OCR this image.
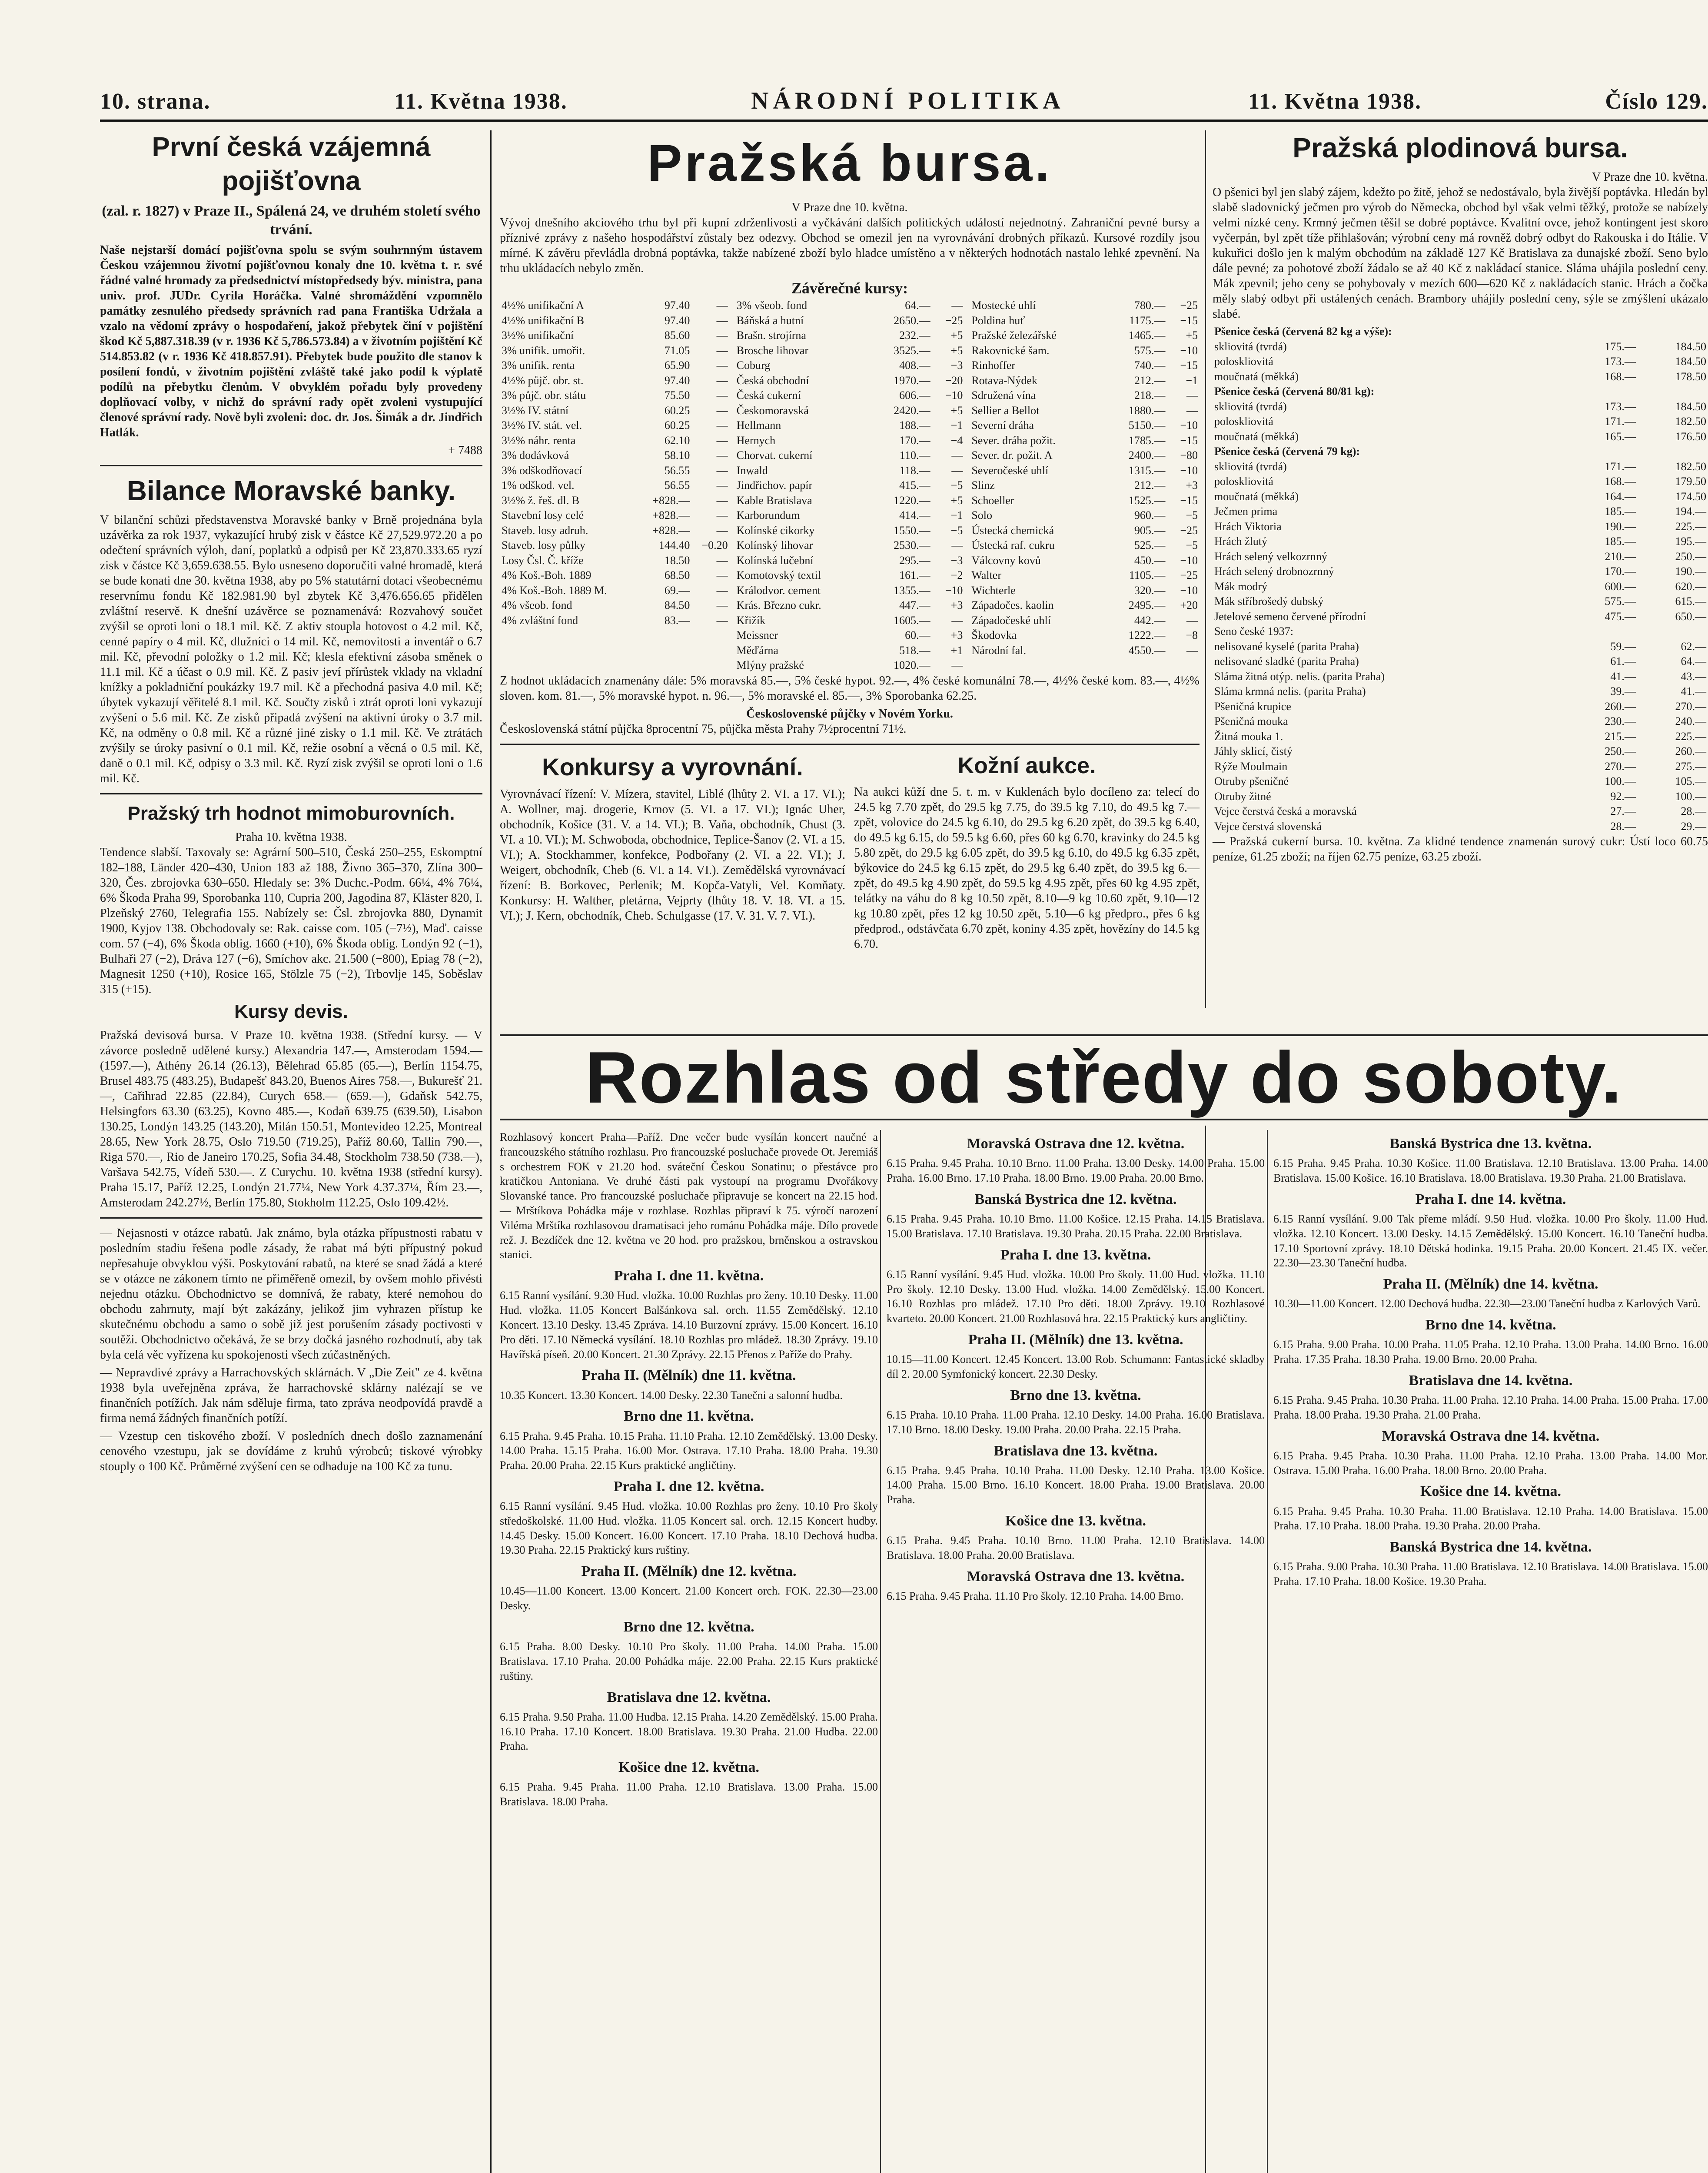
10. strana.	11. Května 1938.	NÁRODNÍ POLITIKA	11. Května 1938.	Číslo 129.
První česká vzájemná pojišťovna
(zal. r. 1827) v Praze II., Spálená 24, ve druhém století svého trvání.

Naše nejstarší domácí pojišťovna spolu se svým souhrnným ústavem Českou vzájemnou životní pojišťovnou konaly dne 10. května t. r. své řádné valné hromady za předsednictví místopředsedy býv. ministra, pana univ. prof. JUDr. Cyrila Horáčka. Valné shromáždění vzpomnělo památky zesnulého předsedy správních rad pana Františka Udržala a vzalo na vědomí zprávy o hospodaření, jakož přebytek činí v pojištění škod Kč 5,887.318.39 (v r. 1936 Kč 5,786.573.84) a v životním pojištění Kč 514.853.82 (v r. 1936 Kč 418.857.91). Přebytek bude použito dle stanov k posílení fondů, v životním pojištění zvláště také jako podíl k výplatě podílů na přebytku členům. V obvyklém pořadu byly provedeny doplňovací volby, v nichž do správní rady opět zvoleni vystupující členové správní rady. Nově byli zvoleni: doc. dr. Jos. Šimák a dr. Jindřich Hatlák.

+ 7488

Bilance Moravské banky.

V bilanční schůzi představenstva Moravské banky v Brně projednána byla uzávěrka za rok 1937, vykazující hrubý zisk v částce Kč 27,529.972.20 a po odečtení správních výloh, daní, poplatků a odpisů per Kč 23,870.333.65 ryzí zisk v částce Kč 3,659.638.55. Bylo usneseno doporučiti valné hromadě, která se bude konati dne 30. května 1938, aby po 5% statutární dotaci všeobecnému reservnímu fondu Kč 182.981.90 byl zbytek Kč 3,476.656.65 přidělen zvláštní reservě. K dnešní uzávěrce se poznamenává: Rozvahový součet zvýšil se oproti loni o 18.1 mil. Kč. Z aktiv stoupla hotovost o 4.2 mil. Kč, cenné papíry o 4 mil. Kč, dlužníci o 14 mil. Kč, nemovitosti a inventář o 6.7 mil. Kč, převodní položky o 1.2 mil. Kč; klesla efektivní zásoba směnek o 11.1 mil. Kč a účast o 0.9 mil. Kč. Z pasiv jeví přírůstek vklady na vkladní knížky a pokladniční poukázky 19.7 mil. Kč a přechodná pasiva 4.0 mil. Kč; úbytek vykazují věřitelé 8.1 mil. Kč. Součty zisků i ztrát oproti loni vykazují zvýšení o 5.6 mil. Kč. Ze zisků připadá zvýšení na aktivní úroky o 3.7 mil. Kč, na odměny o 0.8 mil. Kč a různé jiné zisky o 1.1 mil. Kč. Ve ztrátách zvýšily se úroky pasivní o 0.1 mil. Kč, režie osobní a věcná o 0.5 mil. Kč, daně o 0.1 mil. Kč, odpisy o 3.3 mil. Kč. Ryzí zisk zvýšil se oproti loni o 1.6 mil. Kč.

Pražský trh hodnot mimoburovních.
Praha 10. května 1938.

Tendence slabší. Taxovaly se: Agrární 500–510, Česká 250–255, Eskomptní 182–188, Länder 420–430, Union 183 až 188, Živno 365–370, Zlína 300–320, Čes. zbrojovka 630–650. Hledaly se: 3% Duchc.-Podm. 66¼, 4% 76¼, 6% Škoda Praha 99, Sporobanka 110, Cupria 200, Jagodina 87, Kläster 820, I. Plzeňský 2760, Telegrafia 155. Nabízely se: Čsl. zbrojovka 880, Dynamit 1900, Kyjov 138. Obchodovaly se: Rak. caisse com. 105 (−7½), Maď. caisse com. 57 (−4), 6% Škoda oblig. 1660 (+10), 6% Škoda oblig. Londýn 92 (−1), Bulhaři 27 (−2), Dráva 127 (−6), Smíchov akc. 21.500 (−800), Epiag 78 (−2), Magnesit 1250 (+10), Rosice 165, Stölzle 75 (−2), Trbovlje 145, Soběslav 315 (+15).

Kursy devis.

Pražská devisová bursa. V Praze 10. května 1938. (Střední kursy. — V závorce posledně udělené kursy.) Alexandria 147.—, Amsterodam 1594.— (1597.—), Athény 26.14 (26.13), Bělehrad 65.85 (65.—), Berlín 1154.75, Brusel 483.75 (483.25), Budapešť 843.20, Buenos Aires 758.—, Bukurešť 21.—, Cařihrad 22.85 (22.84), Curych 658.— (659.—), Gdaňsk 542.75, Helsingfors 63.30 (63.25), Kovno 485.—, Kodaň 639.75 (639.50), Lisabon 130.25, Londýn 143.25 (143.20), Milán 150.51, Montevideo 12.25, Montreal 28.65, New York 28.75, Oslo 719.50 (719.25), Paříž 80.60, Tallin 790.—, Riga 570.—, Rio de Janeiro 170.25, Sofia 34.48, Stockholm 738.50 (738.—), Varšava 542.75, Vídeň 530.—. Z Curychu. 10. května 1938 (střední kursy). Praha 15.17, Paříž 12.25, Londýn 21.77¼, New York 4.37.37¼, Řím 23.—, Amsterodam 242.27½, Berlín 175.80, Stokholm 112.25, Oslo 109.42½.

— Nejasnosti v otázce rabatů. Jak známo, byla otázka přípustnosti rabatu v posledním stadiu řešena podle zásady, že rabat má býti přípustný pokud nepřesahuje obvyklou výši. Poskytování rabatů, na které se snad žádá a které se v otázce ne zákonem tímto ne přiměřeně omezil, by ovšem mohlo přivésti nejednu otázku. Obchodnictvo se domnívá, že rabaty, které nemohou do obchodu zahrnuty, mají být zakázány, jelikož jim vyhrazen přístup ke skutečnému obchodu a samo o sobě již jest porušením zásady poctivosti v soutěži. Obchodnictvo očekává, že se brzy dočká jasného rozhodnutí, aby tak byla celá věc vyřízena ku spokojenosti všech zúčastněných.

— Nepravdivé zprávy a Harrachovských sklárnách. V „Die Zeit" ze 4. května 1938 byla uveřejněna zpráva, že harrachovské sklárny nalézají se ve finančních potížích. Jak nám sděluje firma, tato zpráva neodpovídá pravdě a firma nemá žádných finančních potíží.

— Vzestup cen tiskového zboží. V posledních dnech došlo zaznamenání cenového vzestupu, jak se dovídáme z kruhů výrobců; tiskové výrobky stouply o 100 Kč. Průměrné zvýšení cen se odhaduje na 100 Kč za tunu.

Pražská bursa.
V Praze dne 10. května.

Vývoj dnešního akciového trhu byl při kupní zdrženlivosti a vyčkávání dalších politických událostí nejednotný. Zahraniční pevné bursy a příznivé zprávy z našeho hospodářství zůstaly bez odezvy. Obchod se omezil jen na vyrovnávání drobných příkazů. Kursové rozdíly jsou mírné. K závěru převládla drobná poptávka, takže nabízené zboží bylo hladce umístěno a v některých hodnotách nastalo lehké zpevnění. Na trhu ukládacích nebylo změn.

Závěrečné kursy:
4½% unifikační A	97.40	—
4½% unifikační B	97.40	—
3½% unifikační	85.60	—
3% unifik. umořit.	71.05	—
3% unifik. renta	65.90	—
4½% půjč. obr. st.	97.40	—
3% půjč. obr. státu	75.50	—
3½% IV. státní	60.25	—
3½% IV. stát. vel.	60.25	—
3½% náhr. renta	62.10	—
3% dodávková	58.10	—
3% odškodňovací	56.55	—
1% odškod. vel.	56.55	—
3½% ž. řeš. dl. B	+828.—	—
Stavební losy celé	+828.—	—
Staveb. losy adruh.	+828.—	—
Staveb. losy půlky	144.40	−0.20
Losy Čsl. Č. kříže	18.50	—
4% Koš.-Boh. 1889	68.50	—
4% Koš.-Boh. 1889 M.	69.—	—
4% všeob. fond	84.50	—
4% zvláštní fond	83.—	—
3% všeob. fond	64.—	—
Báňská a hutní	2650.—	−25
Brašn. strojírna	232.—	+5
Brosche lihovar	3525.—	+5
Coburg	408.—	−3
Česká obchodní	1970.—	−20
Česká cukerní	606.—	−10
Českomoravská	2420.—	+5
Hellmann	188.—	−1
Hernych	170.—	−4
Chorvat. cukerní	110.—	—
Inwald	118.—	—
Jindřichov. papír	415.—	−5
Kable Bratislava	1220.—	+5
Karborundum	414.—	−1
Kolínské cikorky	1550.—	−5
Kolínský lihovar	2530.—	—
Kolínská lučební	295.—	−3
Komotovský textil	161.—	−2
Králodvor. cement	1355.—	−10
Krás. Březno cukr.	447.—	+3
Křižík	1605.—	—
Meissner	60.—	+3
Měďárna	518.—	+1
Mlýny pražské	1020.—	—
Mostecké uhlí	780.—	−25
Poldina huť	1175.—	−15
Pražské železářské	1465.—	+5
Rakovnické šam.	575.—	−10
Rinhoffer	740.—	−15
Rotava-Nýdek	212.—	−1
Sdružená vína	218.—	—
Sellier a Bellot	1880.—	—
Severní dráha	5150.—	−10
Sever. dráha požit.	1785.—	−15
Sever. dr. požit. A	2400.—	−80
Severočeské uhlí	1315.—	−10
Slinz	212.—	+3
Schoeller	1525.—	−15
Solo	960.—	−5
Ústecká chemická	905.—	−25
Ústecká raf. cukru	525.—	−5
Válcovny kovů	450.—	−10
Walter	1105.—	−25
Wichterle	320.—	−10
Západočes. kaolin	2495.—	+20
Západočeské uhlí	442.—	—
Škodovka	1222.—	−8
Národní fal.	4550.—	—

Z hodnot ukládacích znamenány dále: 5% moravská 85.—, 5% české hypot. 92.—, 4% české komunální 78.—, 4½% české kom. 83.—, 4½% sloven. kom. 81.—, 5% moravské hypot. n. 96.—, 5% moravské el. 85.—, 3% Sporobanka 62.25.

Československé půjčky v Novém Yorku.

Československá státní půjčka 8procentní 75, půjčka města Prahy 7½procentní 71½.

Konkursy a vyrovnání.

Vyrovnávací řízení: V. Mízera, stavitel, Liblé (lhůty 2. VI. a 17. VI.); A. Wollner, maj. drogerie, Krnov (5. VI. a 17. VI.); Ignác Uher, obchodník, Košice (31. V. a 14. VI.); B. Vaňa, obchodník, Chust (3. VI. a 10. VI.); M. Schwoboda, obchodnice, Teplice-Šanov (2. VI. a 15. VI.); A. Stockhammer, konfekce, Podbořany (2. VI. a 22. VI.); J. Weigert, obchodník, Cheb (6. VI. a 14. VI.). Zemědělská vyrovnávací řízení: B. Borkovec, Perlenik; M. Kopča-Vatyli, Vel. Komňaty. Konkursy: H. Walther, pletárna, Vejprty (lhůty 18. V. 18. VI. a 15. VI.); J. Kern, obchodník, Cheb. Schulgasse (17. V. 31. V. 7. VI.).

Kožní aukce.

Na aukci kůží dne 5. t. m. v Kuklenách bylo docíleno za: telecí do 24.5 kg 7.70 zpět, do 29.5 kg 7.75, do 39.5 kg 7.10, do 49.5 kg 7.— zpět, volovice do 24.5 kg 6.10, do 29.5 kg 6.20 zpět, do 39.5 kg 6.40, do 49.5 kg 6.15, do 59.5 kg 6.60, přes 60 kg 6.70, kravinky do 24.5 kg 5.80 zpět, do 29.5 kg 6.05 zpět, do 39.5 kg 6.10, do 49.5 kg 6.35 zpět, býkovice do 24.5 kg 6.15 zpět, do 29.5 kg 6.40 zpět, do 39.5 kg 6.— zpět, do 49.5 kg 4.90 zpět, do 59.5 kg 4.95 zpět, přes 60 kg 4.95 zpět, telátky na váhu do 8 kg 10.50 zpět, 8.10—9 kg 10.60 zpět, 9.10—12 kg 10.80 zpět, přes 12 kg 10.50 zpět, 5.10—6 kg předpro., přes 6 kg předprod., odstávčata 6.70 zpět, koniny 4.35 zpět, hovězíny do 14.5 kg 6.70.

Pražská plodinová bursa.
V Praze dne 10. května.

O pšenici byl jen slabý zájem, kdežto po žitě, jehož se nedostávalo, byla živější poptávka. Hledán byl slabě sladovnický ječmen pro výrob do Německa, obchod byl však velmi těžký, protože se nabízely velmi nízké ceny. Krmný ječmen těšil se dobré poptávce. Kvalitní ovce, jehož kontingent jest skoro vyčerpán, byl zpět tíže přihlašován; výrobní ceny má rovněž dobrý odbyt do Rakouska i do Itálie. V kukuřici došlo jen k malým obchodům na základě 127 Kč Bratislava za dunajské zboží. Seno bylo dále pevné; za pohotové zboží žádalo se až 40 Kč z nakládací stanice. Sláma uhájila poslední ceny. Mák zpevnil; jeho ceny se pohybovaly v mezích 600—620 Kč z nakládacích stanic. Hrách a čočka měly slabý odbyt při ustálených cenách. Brambory uhájily poslední ceny, sýle se zmýšlení ukázalo slabé.

Pšenice česká (červená 82 kg a výše):		
skliovitá (tvrdá)	175.—	184.50
poloskliovitá	173.—	184.50
moučnatá (měkká)	168.—	178.50
Pšenice česká (červená 80/81 kg):		
skliovitá (tvrdá)	173.—	184.50
poloskliovitá	171.—	182.50
moučnatá (měkká)	165.—	176.50
Pšenice česká (červená 79 kg):		
skliovitá (tvrdá)	171.—	182.50
poloskliovitá	168.—	179.50
moučnatá (měkká)	164.—	174.50
Ječmen prima	185.—	194.—
Hrách Viktoria	190.—	225.—
Hrách žlutý	185.—	195.—
Hrách selený velkozrnný	210.—	250.—
Hrách selený drobnozrnný	170.—	190.—
Mák modrý	600.—	620.—
Mák stříbrošedý dubský	575.—	615.—
Jetelové semeno červené přírodní	475.—	650.—
Seno české 1937:		
nelisované kyselé (parita Praha)	59.—	62.—
nelisované sladké (parita Praha)	61.—	64.—
Sláma žitná otýp. nelis. (parita Praha)	41.—	43.—
Sláma krmná nelis. (parita Praha)	39.—	41.—
Pšeničná krupice	260.—	270.—
Pšeničná mouka	230.—	240.—
Žitná mouka 1.	215.—	225.—
Jáhly sklicí, čistý	250.—	260.—
Rýže Moulmain	270.—	275.—
Otruby pšeničné	100.—	105.—
Otruby žitné	92.—	100.—
Vejce čerstvá česká a moravská	27.—	28.—
Vejce čerstvá slovenská	28.—	29.—

— Pražská cukerní bursa. 10. května. Za klidné tendence znamenán surový cukr: Ústí loco 60.75 peníze, 61.25 zboží; na říjen 62.75 peníze, 63.25 zboží.

Rozhlas od středy do soboty.

Rozhlasový koncert Praha—Paříž. Dne večer bude vysílán koncert naučné a francouzského státního rozhlasu. Pro francouzské posluchače provede Ot. Jeremiáš s orchestrem FOK v 21.20 hod. sváteční Českou Sonatinu; o přestávce pro kratičkou Antoniana. Ve druhé části pak vystoupí na programu Dvořákovy Slovanské tance. Pro francouzské posluchače připravuje se koncert na 22.15 hod. — Mrštíkova Pohádka máje v rozhlase. Rozhlas připraví k 75. výročí narození Viléma Mrštíka rozhlasovou dramatisaci jeho románu Pohádka máje. Dílo provede rež. J. Bezdíček dne 12. května ve 20 hod. pro pražskou, brněnskou a ostravskou stanici.

Praha I. dne 11. května.

6.15 Ranní vysílání. 9.30 Hud. vložka. 10.00 Rozhlas pro ženy. 10.10 Desky. 11.00 Hud. vložka. 11.05 Koncert Balšánkova sal. orch. 11.55 Zemědělský. 12.10 Koncert. 13.10 Desky. 13.45 Zpráva. 14.10 Burzovní zprávy. 15.00 Koncert. 16.10 Pro děti. 17.10 Německá vysílání. 18.10 Rozhlas pro mládež. 18.30 Zprávy. 19.10 Havířská píseň. 20.00 Koncert. 21.30 Zprávy. 22.15 Přenos z Paříže do Prahy.

Praha II. (Mělník) dne 11. května.

10.35 Koncert. 13.30 Koncert. 14.00 Desky. 22.30 Tanečni a salonní hudba.

Brno dne 11. května.

6.15 Praha. 9.45 Praha. 10.15 Praha. 11.10 Praha. 12.10 Zemědělský. 13.00 Desky. 14.00 Praha. 15.15 Praha. 16.00 Mor. Ostrava. 17.10 Praha. 18.00 Praha. 19.30 Praha. 20.00 Praha. 22.15 Kurs praktické angličtiny.

Praha I. dne 12. května.

6.15 Ranní vysílání. 9.45 Hud. vložka. 10.00 Rozhlas pro ženy. 10.10 Pro školy středoškolské. 11.00 Hud. vložka. 11.05 Koncert sal. orch. 12.15 Koncert hudby. 14.45 Desky. 15.00 Koncert. 16.00 Koncert. 17.10 Praha. 18.10 Dechová hudba. 19.30 Praha. 22.15 Praktický kurs ruštiny.

Praha II. (Mělník) dne 12. května.

10.45—11.00 Koncert. 13.00 Koncert. 21.00 Koncert orch. FOK. 22.30—23.00 Desky.

Brno dne 12. května.

6.15 Praha. 8.00 Desky. 10.10 Pro školy. 11.00 Praha. 14.00 Praha. 15.00 Bratislava. 17.10 Praha. 20.00 Pohádka máje. 22.00 Praha. 22.15 Kurs praktické ruštiny.

Bratislava dne 12. května.

6.15 Praha. 9.50 Praha. 11.00 Hudba. 12.15 Praha. 14.20 Zemědělský. 15.00 Praha. 16.10 Praha. 17.10 Koncert. 18.00 Bratislava. 19.30 Praha. 21.00 Hudba. 22.00 Praha.

Košice dne 12. května.

6.15 Praha. 9.45 Praha. 11.00 Praha. 12.10 Bratislava. 13.00 Praha. 15.00 Bratislava. 18.00 Praha.

Moravská Ostrava dne 12. května.

6.15 Praha. 9.45 Praha. 10.10 Brno. 11.00 Praha. 13.00 Desky. 14.00 Praha. 15.00 Praha. 16.00 Brno. 17.10 Praha. 18.00 Brno. 19.00 Praha. 20.00 Brno.

Banská Bystrica dne 12. května.

6.15 Praha. 9.45 Praha. 10.10 Brno. 11.00 Košice. 12.15 Praha. 14.15 Bratislava. 15.00 Bratislava. 17.10 Bratislava. 19.30 Praha. 20.15 Praha. 22.00 Bratislava.

Praha I. dne 13. května.

6.15 Ranní vysílání. 9.45 Hud. vložka. 10.00 Pro školy. 11.00 Hud. vložka. 11.10 Pro školy. 12.10 Desky. 13.00 Hud. vložka. 14.00 Zemědělský. 15.00 Koncert. 16.10 Rozhlas pro mládež. 17.10 Pro děti. 18.00 Zprávy. 19.10 Rozhlasové kvarteto. 20.00 Koncert. 21.00 Rozhlasová hra. 22.15 Praktický kurs angličtiny.

Praha II. (Mělník) dne 13. května.

10.15—11.00 Koncert. 12.45 Koncert. 13.00 Rob. Schumann: Fantastické skladby díl 2. 20.00 Symfonický koncert. 22.30 Desky.

Brno dne 13. května.

6.15 Praha. 10.10 Praha. 11.00 Praha. 12.10 Desky. 14.00 Praha. 16.00 Bratislava. 17.10 Brno. 18.00 Desky. 19.00 Praha. 20.00 Praha. 22.15 Praha.

Bratislava dne 13. května.

6.15 Praha. 9.45 Praha. 10.10 Praha. 11.00 Desky. 12.10 Praha. 13.00 Košice. 14.00 Praha. 15.00 Brno. 16.10 Koncert. 18.00 Praha. 19.00 Bratislava. 20.00 Praha.

Košice dne 13. května.

6.15 Praha. 9.45 Praha. 10.10 Brno. 11.00 Praha. 12.10 Bratislava. 14.00 Bratislava. 18.00 Praha. 20.00 Bratislava.

Moravská Ostrava dne 13. května.

6.15 Praha. 9.45 Praha. 11.10 Pro školy. 12.10 Praha. 14.00 Brno.

Banská Bystrica dne 13. května.

6.15 Praha. 9.45 Praha. 10.30 Košice. 11.00 Bratislava. 12.10 Bratislava. 13.00 Praha. 14.00 Bratislava. 15.00 Košice. 16.10 Bratislava. 18.00 Bratislava. 19.30 Praha. 21.00 Bratislava.

Praha I. dne 14. května.

6.15 Ranní vysílání. 9.00 Tak přeme mládí. 9.50 Hud. vložka. 10.00 Pro školy. 11.00 Hud. vložka. 12.10 Koncert. 13.00 Desky. 14.15 Zemědělský. 15.00 Koncert. 16.10 Taneční hudba. 17.10 Sportovní zprávy. 18.10 Dětská hodinka. 19.15 Praha. 20.00 Koncert. 21.45 IX. večer. 22.30—23.30 Taneční hudba.

Praha II. (Mělník) dne 14. května.

10.30—11.00 Koncert. 12.00 Dechová hudba. 22.30—23.00 Taneční hudba z Karlových Varů.

Brno dne 14. května.

6.15 Praha. 9.00 Praha. 10.00 Praha. 11.05 Praha. 12.10 Praha. 13.00 Praha. 14.00 Brno. 16.00 Praha. 17.35 Praha. 18.30 Praha. 19.00 Brno. 20.00 Praha.

Bratislava dne 14. května.

6.15 Praha. 9.45 Praha. 10.30 Praha. 11.00 Praha. 12.10 Praha. 14.00 Praha. 15.00 Praha. 17.00 Praha. 18.00 Praha. 19.30 Praha. 21.00 Praha.

Moravská Ostrava dne 14. května.

6.15 Praha. 9.45 Praha. 10.30 Praha. 11.00 Praha. 12.10 Praha. 13.00 Praha. 14.00 Mor. Ostrava. 15.00 Praha. 16.00 Praha. 18.00 Brno. 20.00 Praha.

Košice dne 14. května.

6.15 Praha. 9.45 Praha. 10.30 Praha. 11.00 Bratislava. 12.10 Praha. 14.00 Bratislava. 15.00 Praha. 17.10 Praha. 18.00 Praha. 19.30 Praha. 20.00 Praha.

Banská Bystrica dne 14. května.

6.15 Praha. 9.00 Praha. 10.30 Praha. 11.00 Bratislava. 12.10 Bratislava. 14.00 Bratislava. 15.00 Praha. 17.10 Praha. 18.00 Košice. 19.30 Praha.
